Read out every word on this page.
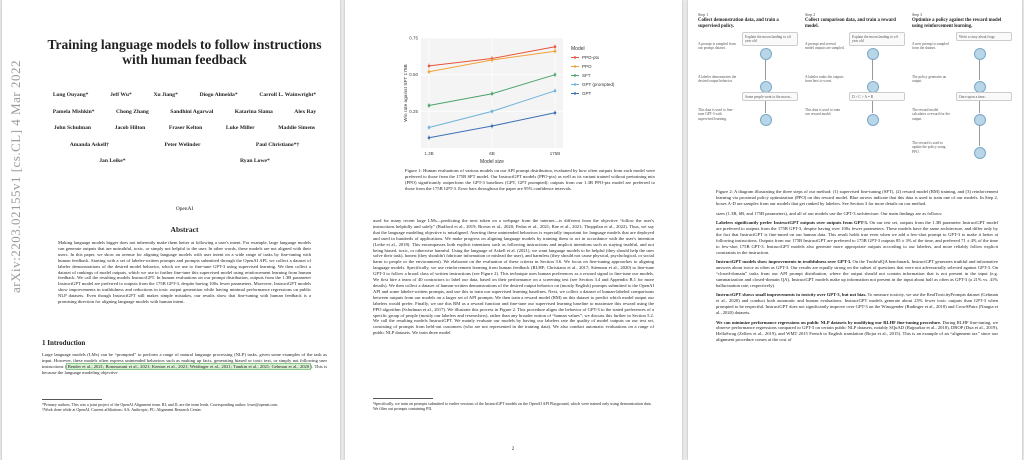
arXiv:2203.02155v1 [cs.CL] 4 Mar 2022
Training language models to follow instructions with human feedback
Long Ouyang*	Jeff Wu*	Xu Jiang*	Diogo Almeida*	Carroll L. Wainwright*
Pamela Mishkin*	Chong Zhang	Sandhini Agarwal	Katarina Slama	Alex Ray
John Schulman	Jacob Hilton	Fraser Kelton	Luke Miller	Maddie Simens
Amanda Askell†	Peter Welinder	Paul Christiano*†
Jan Leike*	Ryan Lowe*
OpenAI
Abstract
Making language models bigger does not inherently make them better at following a user's intent. For example, large language models can generate outputs that are untruthful, toxic, or simply not helpful to the user. In other words, these models are not aligned with their users. In this paper, we show an avenue for aligning language models with user intent on a wide range of tasks by fine-tuning with human feedback. Starting with a set of labeler-written prompts and prompts submitted through the OpenAI API, we collect a dataset of labeler demonstrations of the desired model behavior, which we use to fine-tune GPT-3 using supervised learning. We then collect a dataset of rankings of model outputs, which we use to further fine-tune this supervised model using reinforcement learning from human feedback. We call the resulting models InstructGPT. In human evaluations on our prompt distribution, outputs from the 1.3B parameter InstructGPT model are preferred to outputs from the 175B GPT-3, despite having 100x fewer parameters. Moreover, InstructGPT models show improvements in truthfulness and reductions in toxic output generation while having minimal performance regressions on public NLP datasets. Even though InstructGPT still makes simple mistakes, our results show that fine-tuning with human feedback is a promising direction for aligning language models with human intent.
1 Introduction
Large language models (LMs) can be “prompted” to perform a range of natural language processing (NLP) tasks, given some examples of the task as input. However, these models often express unintended behaviors such as making up facts, generating biased or toxic text, or simply not following user instructions ( Bender et al., 2021; Bommasani et al., 2021; Kenton et al., 2021; Weidinger et al., 2021; Tamkin et al., 2021; Gehman et al., 2020 ). This is because the language modeling objective
*Primary authors. This was a joint project of the OpenAI Alignment team. RL and JL are the team leads. Corresponding author: lowe@openai.com.
†Work done while at OpenAI. Current affiliations: AA: Anthropic; PC: Alignment Research Center.
0.25
0.50
0.75
1.3B	6B	175B
Model size
Win rate against SFT 175B
Model
PPO-ptx
PPO
SFT
GPT (prompted)
GPT
Figure 1: Human evaluations of various models on our API prompt distribution, evaluated by how often outputs from each model were preferred to those from the 175B SFT model. Our InstructGPT models (PPO-ptx) as well as its variant trained without pretraining mix (PPO) significantly outperform the GPT-3 baselines (GPT, GPT prompted); outputs from our 1.3B PPO-ptx model are preferred to those from the 175B GPT-3. Error bars throughout the paper are 95% confidence intervals.
used for many recent large LMs—predicting the next token on a webpage from the internet—is different from the objective “follow the user's instructions helpfully and safely” (Radford et al., 2019; Brown et al., 2020; Fedus et al., 2021; Rae et al., 2021; Thoppilan et al., 2022). Thus, we say that the language modeling objective is misaligned. Averting these unintended behaviors is especially important for language models that are deployed and used in hundreds of applications. We make progress on aligning language models by training them to act in accordance with the user's intention (Leike et al., 2018). This encompasses both explicit intentions such as following instructions and implicit intentions such as staying truthful, and not being biased, toxic, or otherwise harmful. Using the language of Askell et al. (2021), we want language models to be helpful (they should help the user solve their task), honest (they shouldn't fabricate information or mislead the user), and harmless (they should not cause physical, psychological, or social harm to people or the environment). We elaborate on the evaluation of these criteria in Section 3.6. We focus on fine-tuning approaches to aligning language models. Specifically, we use reinforcement learning from human feedback (RLHF; Christiano et al., 2017; Stiennon et al., 2020) to fine-tune GPT-3 to follow a broad class of written instructions (see Figure 2). This technique uses human preferences as a reward signal to fine-tune our models. We first hire a team of 40 contractors to label our data, based on their performance on a screening test (see Section 3.4 and Appendix B.1 for more details). We then collect a dataset of human-written demonstrations of the desired output behavior on (mostly English) prompts submitted to the OpenAI API and some labeler-written prompts, and use this to train our supervised learning baselines. Next, we collect a dataset of human-labeled comparisons between outputs from our models on a larger set of API prompts. We then train a reward model (RM) on this dataset to predict which model output our labelers would prefer. Finally, we use this RM as a reward function and fine-tune our supervised learning baseline to maximize this reward using the PPO algorithm (Schulman et al., 2017). We illustrate this process in Figure 2. This procedure aligns the behavior of GPT-3 to the stated preferences of a specific group of people (mostly our labelers and researchers), rather than any broader notion of “human values”; we discuss this further in Section 5.2. We call the resulting models InstructGPT. We mainly evaluate our models by having our labelers rate the quality of model outputs on our test set, consisting of prompts from held-out customers (who are not represented in the training data). We also conduct automatic evaluations on a range of public NLP datasets. We train three model
¹Specifically, we train on prompts submitted to earlier versions of the InstructGPT models on the OpenAI API Playground, which were trained only using demonstration data. We filter out prompts containing PII.
2
Step 1
Collect demonstration data, and train a supervised policy.
A prompt is sampled from our prompt dataset.
A labeler demonstrates the desired output behavior.
This data is used to fine-tune GPT-3 with supervised learning.
Explain the moon landing to a 6 year old
Some people went to the moon...
Step 2
Collect comparison data, and train a reward model.
A prompt and several model outputs are sampled.
A labeler ranks the outputs from best to worst.
This data is used to train our reward model.
Explain the moon landing to a 6 year old
D > C > A = B
Step 3
Optimize a policy against the reward model using reinforcement learning.
A new prompt is sampled from the dataset.
The policy generates an output.
The reward model calculates a reward for the output.
The reward is used to update the policy using PPO.
Write a story about frogs
Once upon a time...
Figure 2: A diagram illustrating the three steps of our method: (1) supervised fine-tuning (SFT), (2) reward model (RM) training, and (3) reinforcement learning via proximal policy optimization (PPO) on this reward model. Blue arrows indicate that this data is used to train one of our models. In Step 2, boxes A-D are samples from our models that get ranked by labelers. See Section 3 for more details on our method.

sizes (1.3B, 6B, and 175B parameters), and all of our models use the GPT-3 architecture. Our main findings are as follows:

Labelers significantly prefer InstructGPT outputs over outputs from GPT-3. On our test set, outputs from the 1.3B parameter InstructGPT model are preferred to outputs from the 175B GPT-3, despite having over 100x fewer parameters. These models have the same architecture, and differ only by the fact that InstructGPT is fine-tuned on our human data. This result holds true even when we add a few-shot prompt to GPT-3 to make it better at following instructions. Outputs from our 175B InstructGPT are preferred to 175B GPT-3 outputs 85 ± 3% of the time, and preferred 71 ± 4% of the time to few-shot 175B GPT-3. InstructGPT models also generate more appropriate outputs according to our labelers, and more reliably follow explicit constraints in the instruction.

InstructGPT models show improvements in truthfulness over GPT-3. On the TruthfulQA benchmark, InstructGPT generates truthful and informative answers about twice as often as GPT-3. Our results are equally strong on the subset of questions that were not adversarially selected against GPT-3. On “closed-domain” tasks from our API prompt distribution, where the output should not contain information that is not present in the input (e.g. summarization and closed-domain QA), InstructGPT models make up information not present in the input about half as often as GPT-3 (a 21% vs. 41% hallucination rate, respectively).

InstructGPT shows small improvements in toxicity over GPT-3, but not bias. To measure toxicity, we use the RealToxicityPrompts dataset (Gehman et al., 2020) and conduct both automatic and human evaluations. InstructGPT models generate about 25% fewer toxic outputs than GPT-3 when prompted to be respectful. InstructGPT does not significantly improve over GPT-3 on the Winogender (Rudinger et al., 2018) and CrowSPairs (Nangia et al., 2020) datasets.

We can minimize performance regressions on public NLP datasets by modifying our RLHF fine-tuning procedure. During RLHF fine-tuning, we observe performance regressions compared to GPT-3 on certain public NLP datasets, notably SQuAD (Rajpurkar et al., 2018), DROP (Dua et al., 2019), HellaSwag (Zellers et al., 2019), and WMT 2015 French to English translation (Bojar et al., 2015). This is an example of an “alignment tax” since our alignment procedure comes at the cost of
